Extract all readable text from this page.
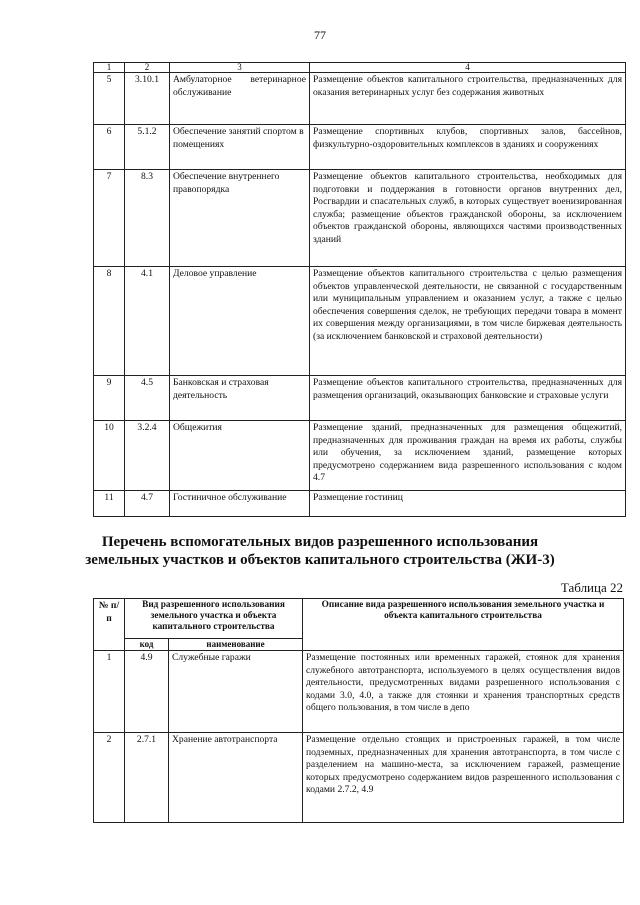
77
1	2	3	4
5	3.10.1	Амбулаторное ветеринарное обслуживание	Размещение объектов капитального строительства, предназначенных для оказания ветеринарных услуг без содержания животных
6	5.1.2	Обеспечение занятий спортом в помещениях	Размещение спортивных клубов, спортивных залов, бассейнов, физкультурно-оздоровительных комплексов в зданиях и сооружениях
7	8.3	Обеспечение внутреннего правопорядка	Размещение объектов капитального строительства, необходимых для подготовки и поддержания в готовности органов внутренних дел, Росгвардии и спасательных служб, в которых существует военизированная служба; размещение объектов гражданской обороны, за исключением объектов гражданской обороны, являющихся частями производственных зданий
8	4.1	Деловое управление	Размещение объектов капитального строительства с целью размещения объектов управленческой деятельности, не связанной с государственным или муниципальным управлением и оказанием услуг, а также с целью обеспечения совершения сделок, не требующих передачи товара в момент их совершения между организациями, в том числе биржевая деятельность (за исключением банковской и страховой деятельности)
9	4.5	Банковская и страховая деятельность	Размещение объектов капитального строительства, предназначенных для размещения организаций, оказывающих банковские и страховые услуги
10	3.2.4	Общежития	Размещение зданий, предназначенных для размещения общежитий, предназначенных для проживания граждан на время их работы, службы или обучения, за исключением зданий, размещение которых предусмотрено содержанием вида разрешенного использования с кодом 4.7
11	4.7	Гостиничное обслуживание	Размещение гостиниц
Перечень вспомогательных видов разрешенного использования
земельных участков и объектов капитального строительства (ЖИ-3)
Таблица 22
№ п/п	Вид разрешенного использования земельного участка и объекта капитального строительства		Описание вида разрешенного использования земельного участка и объекта капитального строительства
	код	наименование	
1	4.9	Служебные гаражи	Размещение постоянных или временных гаражей, стоянок для хранения служебного автотранспорта, используемого в целях осуществления видов деятельности, предусмотренных видами разрешенного использования с кодами 3.0, 4.0, а также для стоянки и хранения транспортных средств общего пользования, в том числе в депо
2	2.7.1	Хранение автотранспорта	Размещение отдельно стоящих и пристроенных гаражей, в том числе подземных, предназначенных для хранения автотранспорта, в том числе с разделением на машино-места, за исключением гаражей, размещение которых предусмотрено содержанием видов разрешенного использования с кодами 2.7.2, 4.9
